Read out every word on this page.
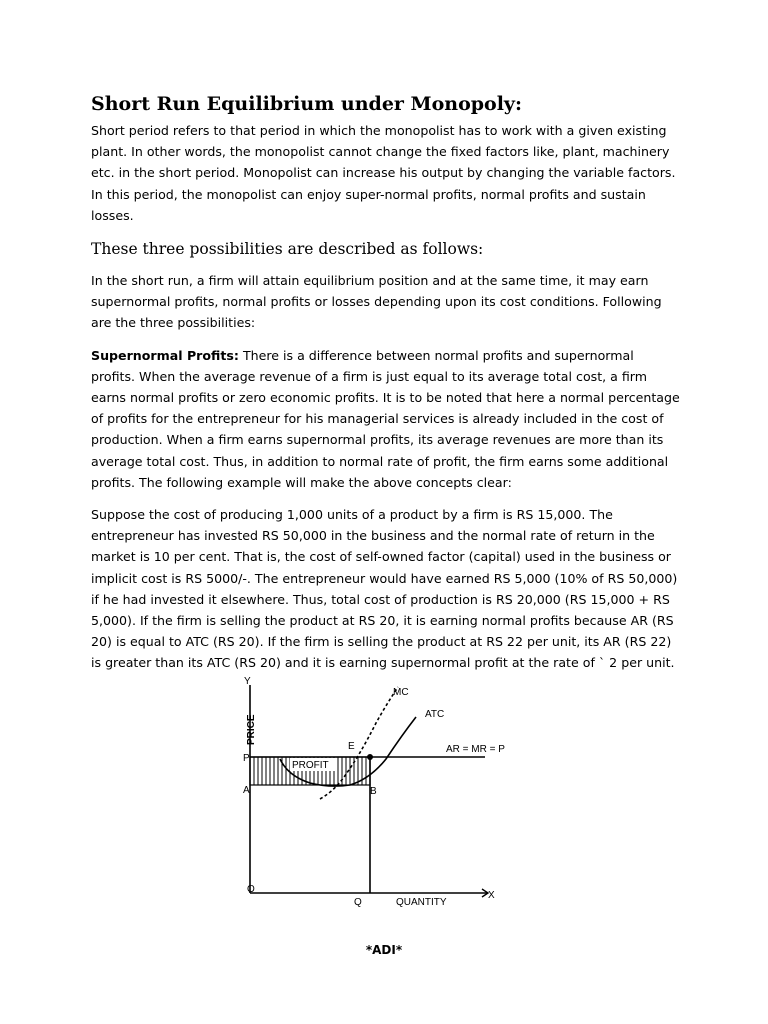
Short Run Equilibrium under Monopoly:

Short period refers to that period in which the monopolist has to work with a given existing plant. In other words, the monopolist cannot change the fixed factors like, plant, machinery etc. in the short period. Monopolist can increase his output by changing the variable factors. In this period, the monopolist can enjoy super-normal profits, normal profits and sustain losses.

These three possibilities are described as follows:

In the short run, a firm will attain equilibrium position and at the same time, it may earn supernormal profits, normal profits or losses depending upon its cost conditions. Following are the three possibilities:

Supernormal Profits: There is a difference between normal profits and supernormal profits. When the average revenue of a firm is just equal to its average total cost, a firm earns normal profits or zero economic profits. It is to be noted that here a normal percentage of profits for the entrepreneur for his managerial services is already included in the cost of production. When a firm earns supernormal profits, its average revenues are more than its average total cost. Thus, in addition to normal rate of profit, the firm earns some additional profits. The following example will make the above concepts clear:

Suppose the cost of producing 1,000 units of a product by a firm is RS 15,000. The entrepreneur has invested RS 50,000 in the business and the normal rate of return in the market is 10 per cent. That is, the cost of self-owned factor (capital) used in the business or implicit cost is RS 5000/-. The entrepreneur would have earned RS 5,000 (10% of RS 50,000) if he had invested it elsewhere. Thus, total cost of production is RS 20,000 (RS 15,000 + RS 5,000). If the firm is selling the product at RS 20, it is earning normal profits because AR (RS 20) is equal to ATC (RS 20). If the firm is selling the product at RS 22 per unit, its AR (RS 22) is greater than its ATC (RS 20) and it is earning supernormal profit at the rate of ` 2 per unit.

Y
PRICE
P
A
O
Q	QUANTITY
X
E
B
MC
ATC
AR = MR = P
PROFIT
*ADI*
